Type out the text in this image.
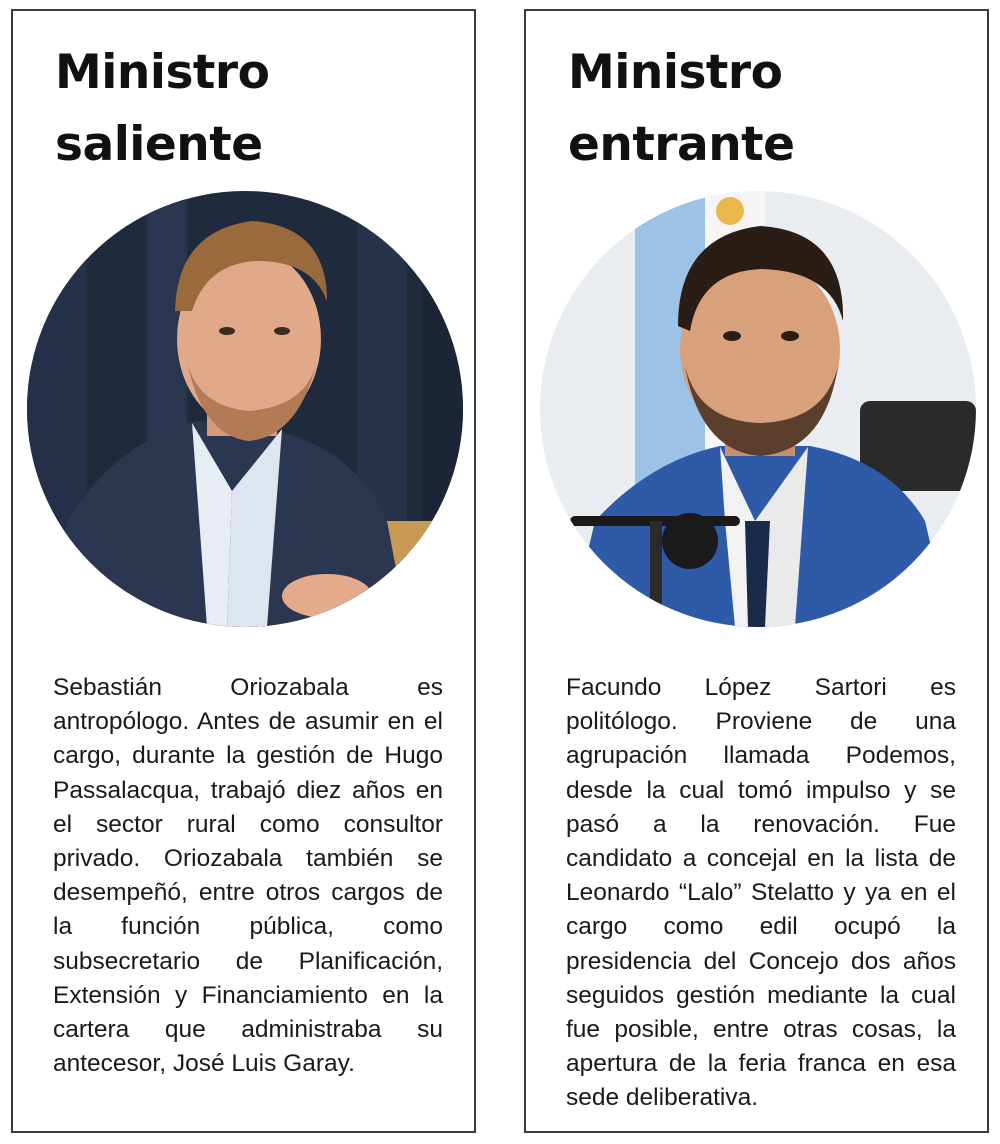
Ministro
saliente

Sebastián Oriozabala es antropólogo. Antes de asumir en el cargo, durante la gestión de Hugo Passalacqua, trabajó diez años en el sector rural como consultor privado. Oriozabala también se desempeñó, entre otros cargos de la función pública, como subsecretario de Planificación, Extensión y Financiamiento en la cartera que administraba su antecesor, José Luis Garay.

Ministro
entrante

Facundo López Sartori es politólogo. Proviene de una agrupación llamada Podemos, desde la cual tomó impulso y se pasó a la renovación. Fue candidato a concejal en la lista de Leonardo “Lalo” Stelatto y ya en el cargo como edil ocupó la presidencia del Concejo dos años seguidos gestión mediante la cual fue posible, entre otras cosas, la apertura de la feria franca en esa sede deliberativa.
